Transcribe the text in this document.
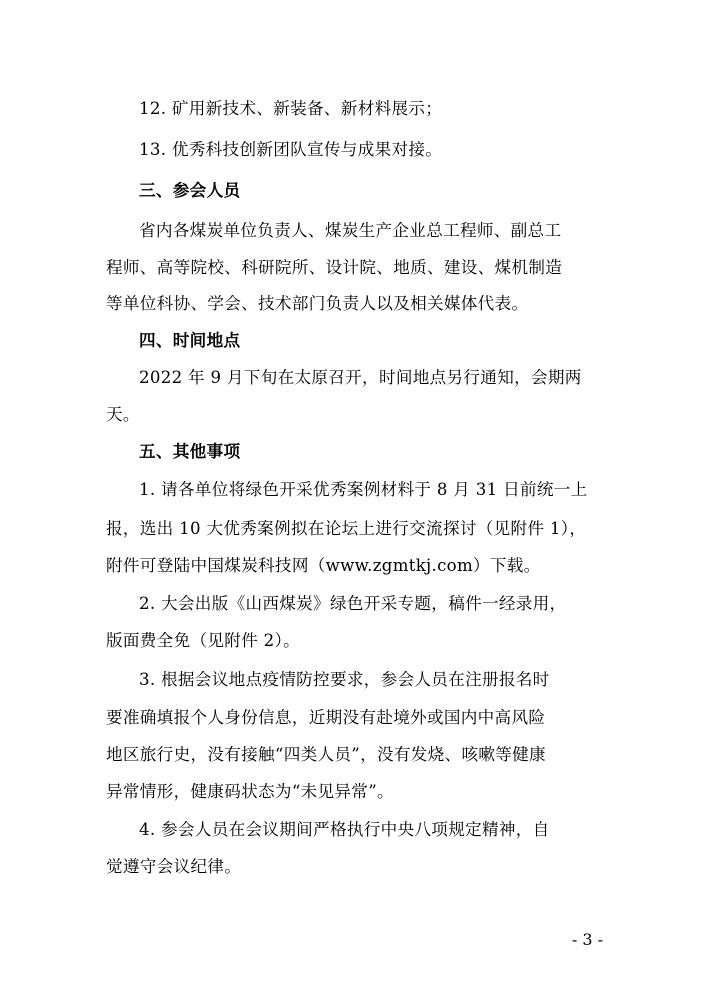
12. 矿用新技术、新装备、新材料展示；
13. 优秀科技创新团队宣传与成果对接。
三、参会人员
省内各煤炭单位负责人、煤炭生产企业总工程师、副总工
程师、高等院校、科研院所、设计院、地质、建设、煤机制造
等单位科协、学会、技术部门负责人以及相关媒体代表。
四、时间地点
2022 年 9 月下旬在太原召开，时间地点另行通知，会期两
天。
五、其他事项
1. 请各单位将绿色开采优秀案例材料于 8 月 31 日前统一上
报，选出 10 大优秀案例拟在论坛上进行交流探讨（见附件 1），
附件可登陆中国煤炭科技网（www.zgmtkj.com）下载。
2. 大会出版《山西煤炭》绿色开采专题，稿件一经录用，
版面费全免（见附件 2）。
3. 根据会议地点疫情防控要求，参会人员在注册报名时
要准确填报个人身份信息，近期没有赴境外或国内中高风险
地区旅行史，没有接触“四类人员”，没有发烧、咳嗽等健康
异常情形，健康码状态为“未见异常”。
4. 参会人员在会议期间严格执行中央八项规定精神，自
觉遵守会议纪律。
- 3 -
